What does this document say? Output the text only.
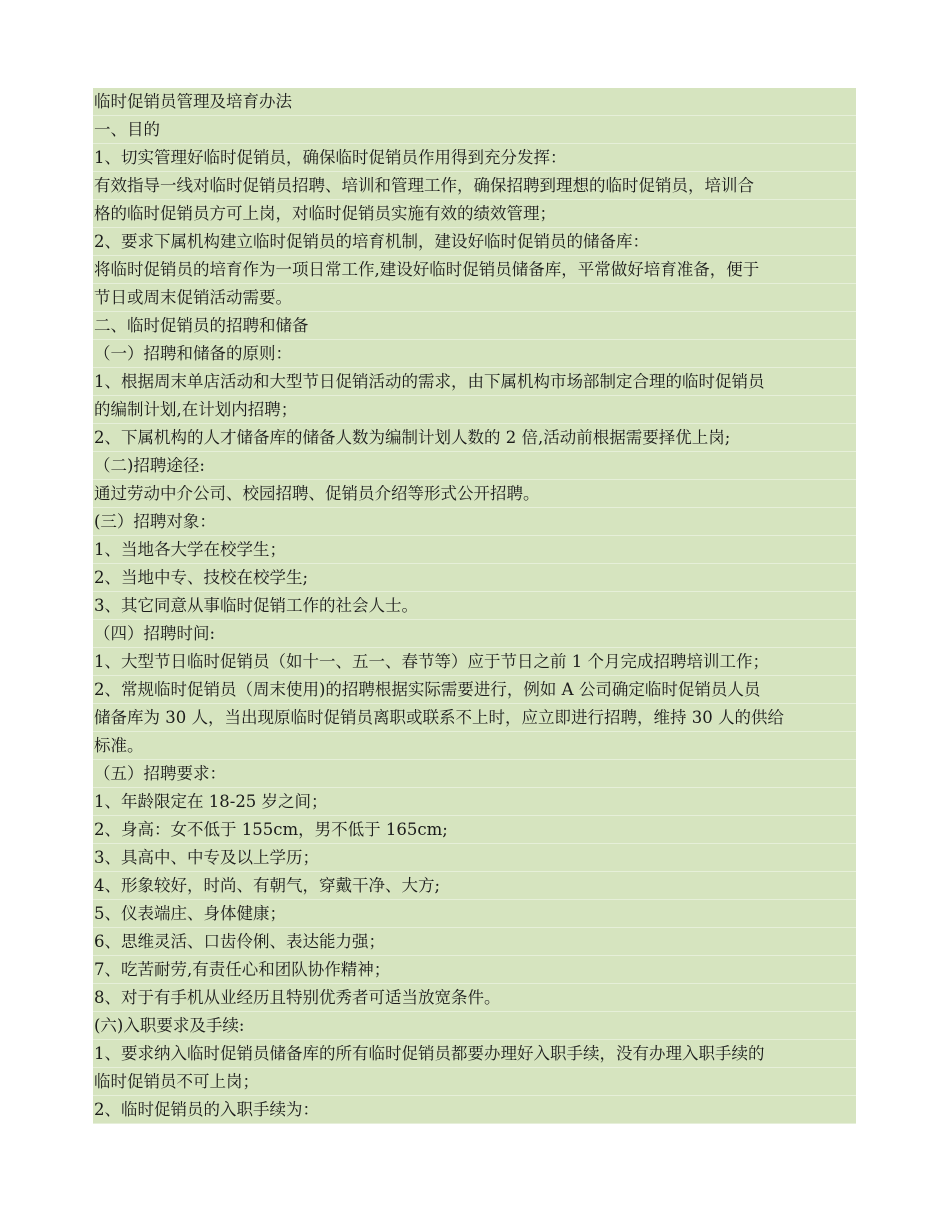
临时促销员管理及培育办法
一、目的
1、切实管理好临时促销员，确保临时促销员作用得到充分发挥：
有效指导一线对临时促销员招聘、培训和管理工作，确保招聘到理想的临时促销员，培训合
格的临时促销员方可上岗，对临时促销员实施有效的绩效管理；
2、要求下属机构建立临时促销员的培育机制，建设好临时促销员的储备库：
将临时促销员的培育作为一项日常工作,建设好临时促销员储备库，平常做好培育准备，便于
节日或周末促销活动需要。
二、临时促销员的招聘和储备
（一）招聘和储备的原则：
1、根据周末单店活动和大型节日促销活动的需求，由下属机构市场部制定合理的临时促销员
的编制计划,在计划内招聘；
2、下属机构的人才储备库的储备人数为编制计划人数的 2 倍,活动前根据需要择优上岗;
（二)招聘途径:
通过劳动中介公司、校园招聘、促销员介绍等形式公开招聘。
(三）招聘对象：
1、当地各大学在校学生；
2、当地中专、技校在校学生;
3、其它同意从事临时促销工作的社会人士。
（四）招聘时间:
1、大型节日临时促销员（如十一、五一、春节等）应于节日之前 1 个月完成招聘培训工作；
2、常规临时促销员（周末使用)的招聘根据实际需要进行，例如 A 公司确定临时促销员人员
储备库为 30 人，当出现原临时促销员离职或联系不上时，应立即进行招聘，维持 30 人的供给
标准。
（五）招聘要求：
1、年龄限定在 18-25 岁之间；
2、身高：女不低于 155cm，男不低于 165cm;
3、具高中、中专及以上学历；
4、形象较好，时尚、有朝气，穿戴干净、大方;
5、仪表端庄、身体健康；
6、思维灵活、口齿伶俐、表达能力强；
7、吃苦耐劳,有责任心和团队协作精神；
8、对于有手机从业经历且特别优秀者可适当放宽条件。
(六)入职要求及手续:
1、要求纳入临时促销员储备库的所有临时促销员都要办理好入职手续，没有办理入职手续的
临时促销员不可上岗；
2、临时促销员的入职手续为：
